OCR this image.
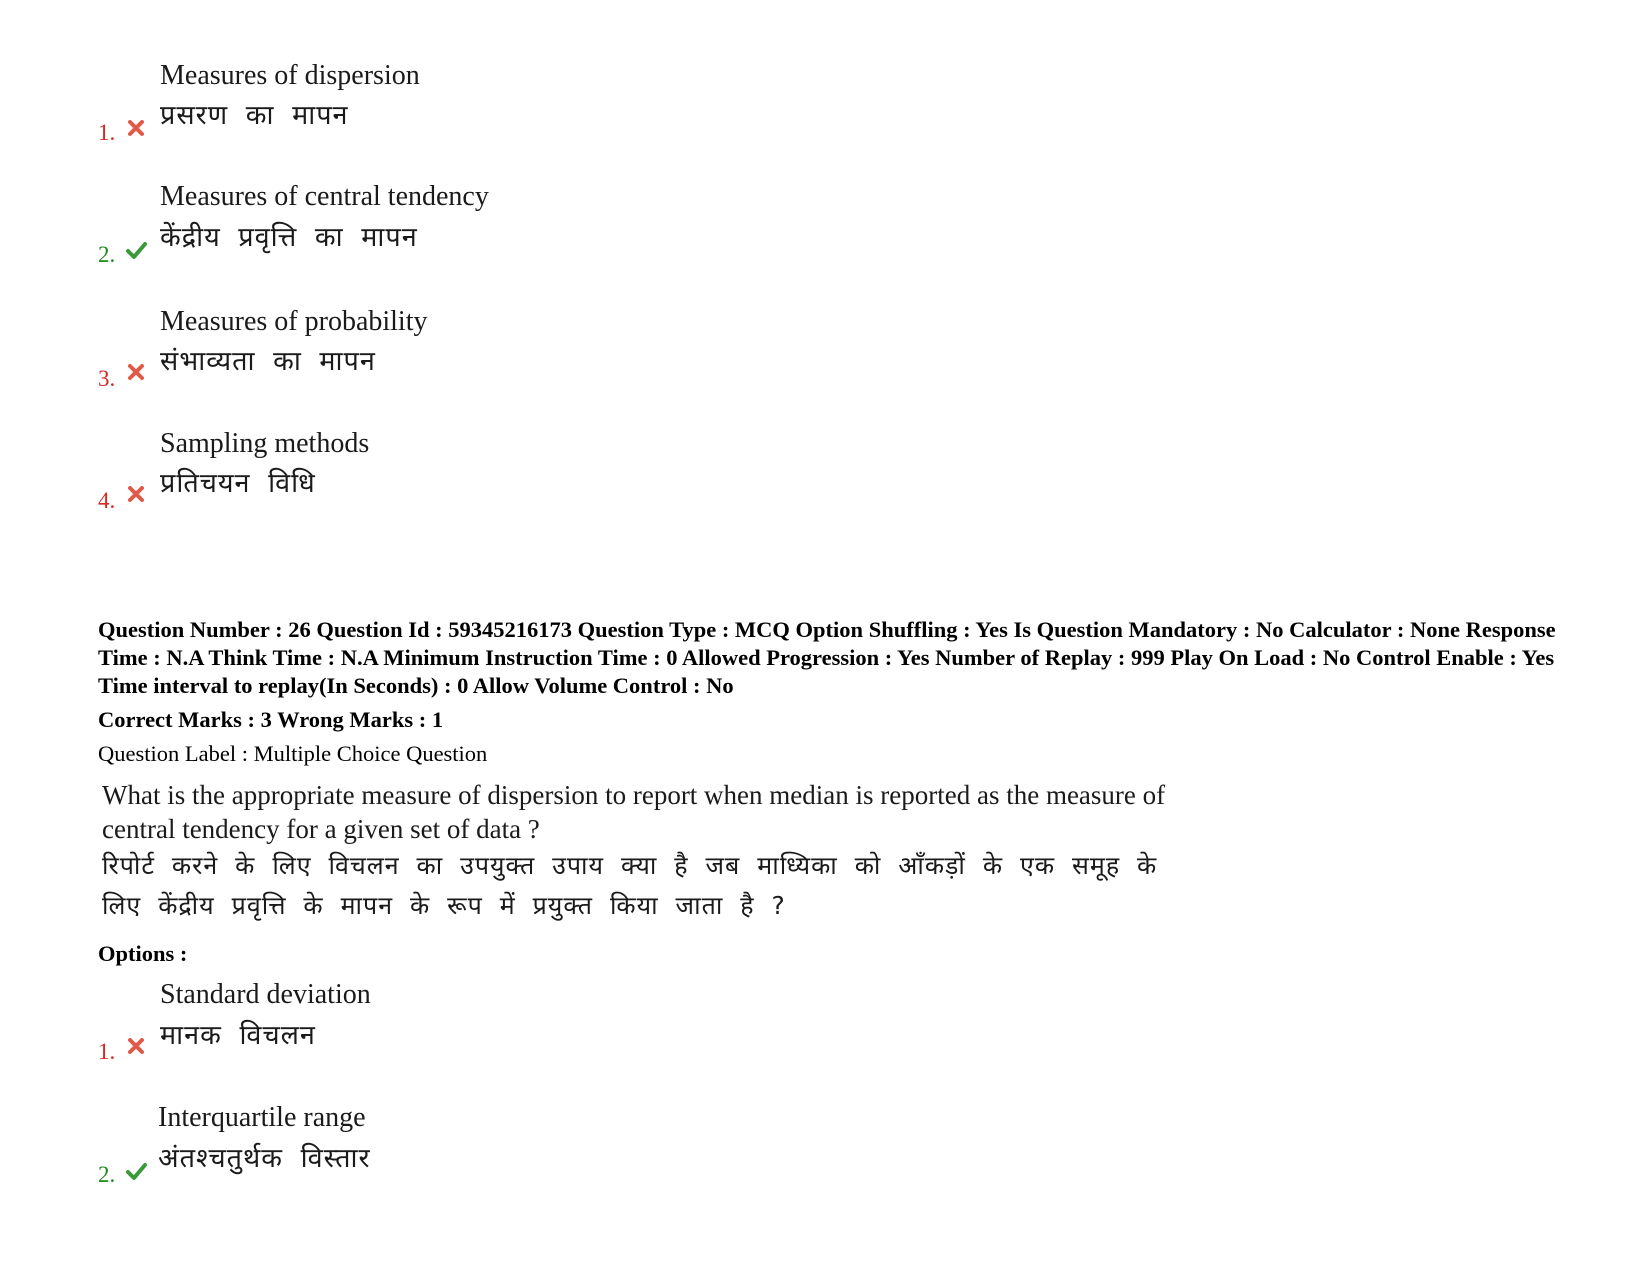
Measures of dispersion
1.
प्रसरण का मापन
Measures of central tendency
2.
केंद्रीय प्रवृत्ति का मापन
Measures of probability
3.
संभाव्यता का मापन
Sampling methods
4.
प्रतिचयन विधि
Question Number : 26 Question Id : 59345216173 Question Type : MCQ Option Shuffling : Yes Is Question Mandatory : No Calculator : None Response Time : N.A Think Time : N.A Minimum Instruction Time : 0 Allowed Progression : Yes Number of Replay : 999 Play On Load : No Control Enable : Yes Time interval to replay(In Seconds) : 0 Allow Volume Control : No
Correct Marks : 3 Wrong Marks : 1
Question Label : Multiple Choice Question
What is the appropriate measure of dispersion to report when median is reported as the measure of central tendency for a given set of data ?
रिपोर्ट करने के लिए विचलन का उपयुक्त उपाय क्या है जब माध्यिका को आँकड़ों के एक समूह के लिए केंद्रीय प्रवृत्ति के मापन के रूप में प्रयुक्त किया जाता है ?
Options :
Standard deviation
1.
मानक विचलन
Interquartile range
2.
अंतश्चतुर्थक विस्तार
